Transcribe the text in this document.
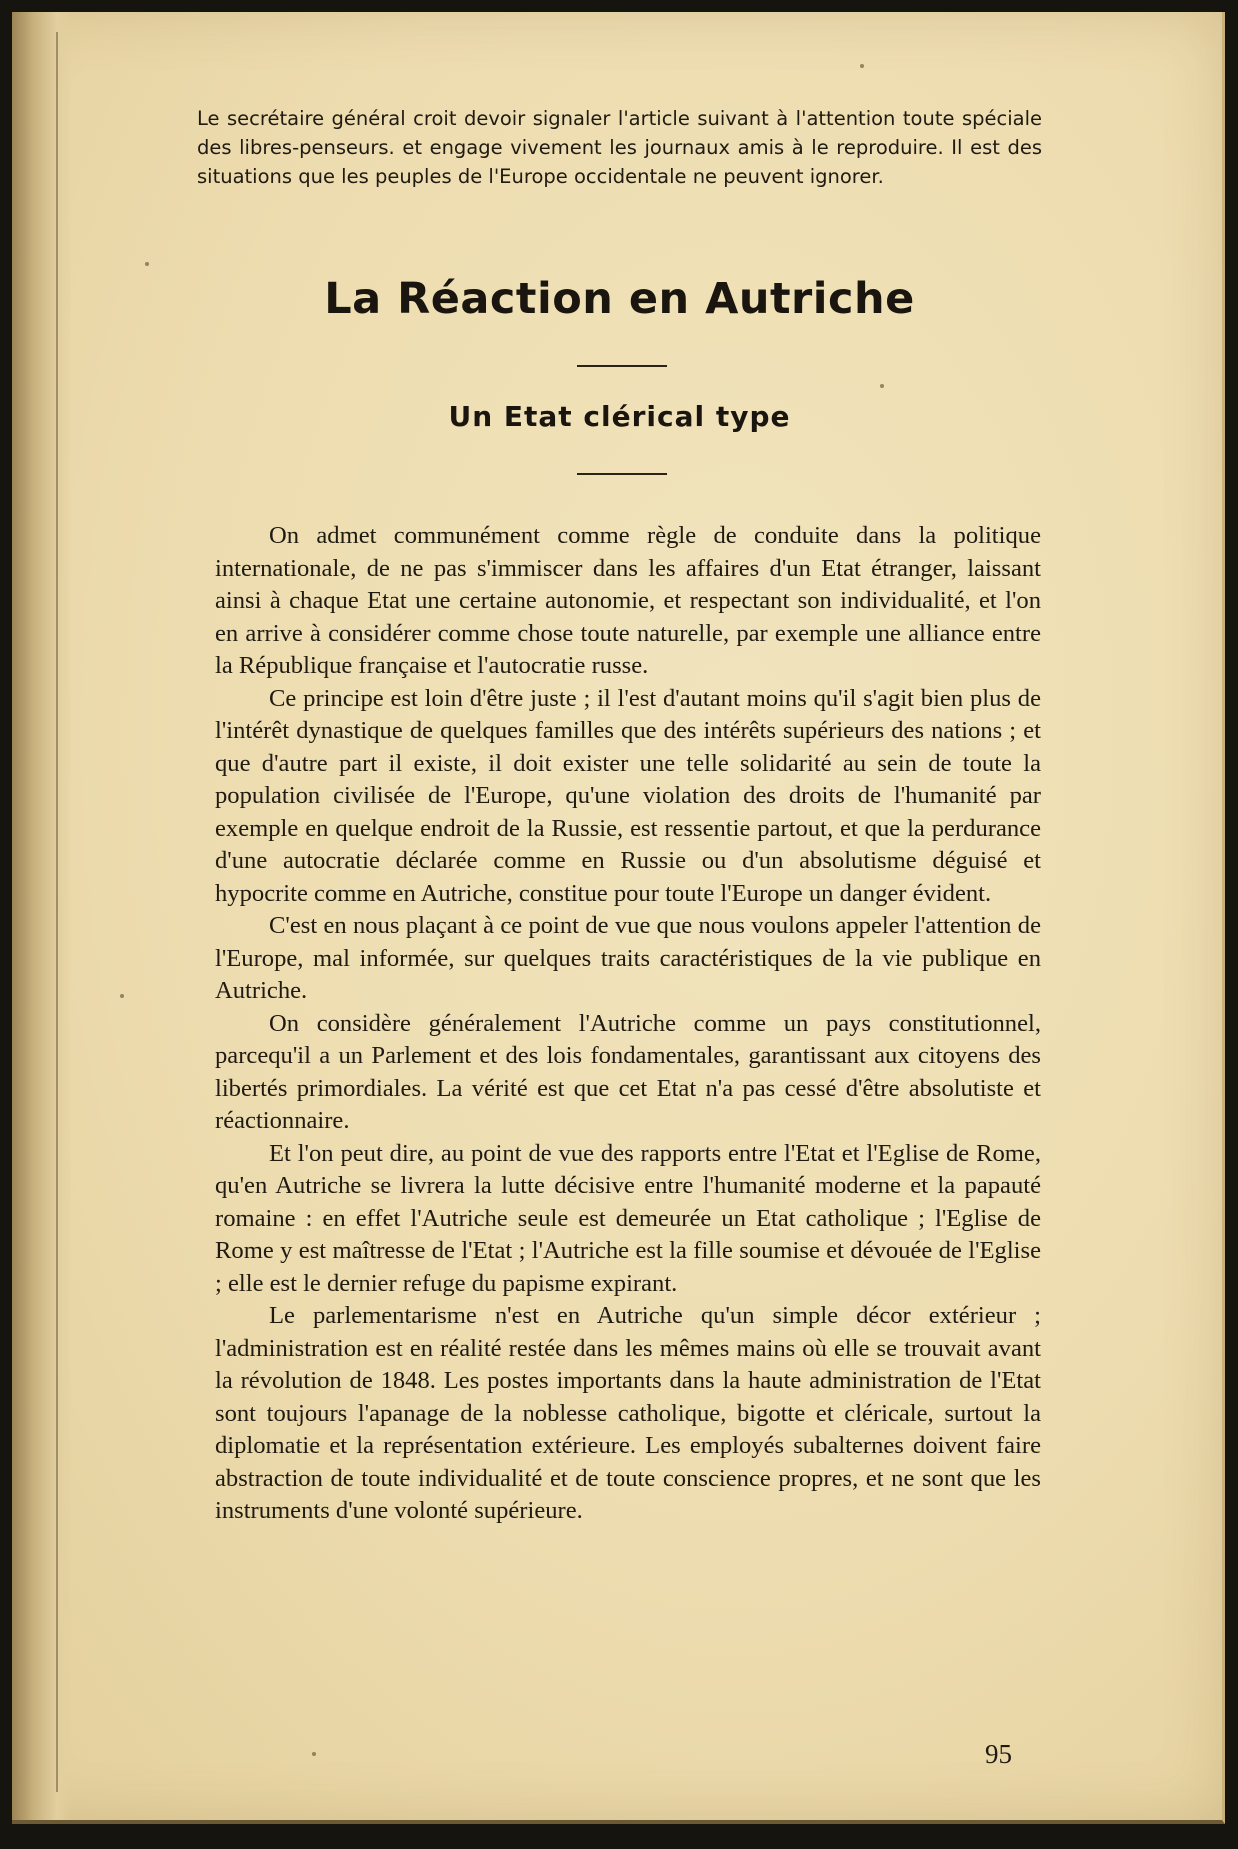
Le secrétaire général croit devoir signaler l'article suivant à l'attention toute spéciale des libres-penseurs. et engage vivement les journaux amis à le reproduire. Il est des situations que les peuples de l'Europe occidentale ne peuvent ignorer.

La Réaction en Autriche
Un Etat clérical type

On admet communément comme règle de conduite dans la politique internationale, de ne pas s'immiscer dans les affaires d'un Etat étranger, laissant ainsi à chaque Etat une certaine autonomie, et respectant son individualité, et l'on en arrive à considérer comme chose toute naturelle, par exemple une alliance entre la République française et l'autocratie russe.

Ce principe est loin d'être juste ; il l'est d'autant moins qu'il s'agit bien plus de l'intérêt dynastique de quelques familles que des intérêts supérieurs des nations ; et que d'autre part il existe, il doit exister une telle solidarité au sein de toute la population civilisée de l'Europe, qu'une violation des droits de l'humanité par exemple en quelque endroit de la Russie, est ressentie partout, et que la perdurance d'une autocratie déclarée comme en Russie ou d'un absolutisme déguisé et hypocrite comme en Autriche, constitue pour toute l'Europe un danger évident.

C'est en nous plaçant à ce point de vue que nous voulons appeler l'attention de l'Europe, mal informée, sur quelques traits caractéristiques de la vie publique en Autriche.

On considère généralement l'Autriche comme un pays constitutionnel, parcequ'il a un Parlement et des lois fondamentales, garantissant aux citoyens des libertés primordiales. La vérité est que cet Etat n'a pas cessé d'être absolutiste et réactionnaire.

Et l'on peut dire, au point de vue des rapports entre l'Etat et l'Eglise de Rome, qu'en Autriche se livrera la lutte décisive entre l'humanité moderne et la papauté romaine : en effet l'Autriche seule est demeurée un Etat catholique ; l'Eglise de Rome y est maîtresse de l'Etat ; l'Autriche est la fille soumise et dévouée de l'Eglise ; elle est le dernier refuge du papisme expirant.

Le parlementarisme n'est en Autriche qu'un simple décor extérieur ; l'administration est en réalité restée dans les mêmes mains où elle se trouvait avant la révolution de 1848. Les postes importants dans la haute administration de l'Etat sont toujours l'apanage de la noblesse catholique, bigotte et cléricale, surtout la diplomatie et la représentation extérieure. Les employés subalternes doivent faire abstraction de toute individualité et de toute conscience propres, et ne sont que les instruments d'une volonté supérieure.

95
